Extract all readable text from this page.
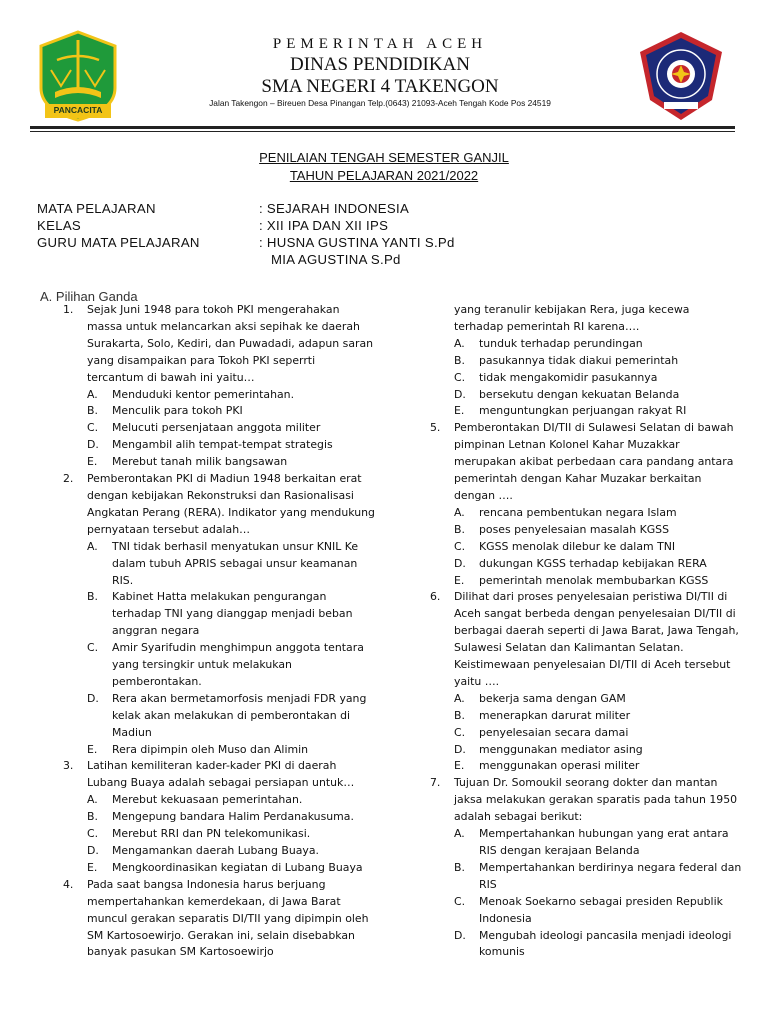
PANCACITA
PEMERINTAH ACEH
DINAS PENDIDIKAN
SMA NEGERI 4 TAKENGON
Jalan Takengon – Bireuen Desa Pinangan Telp.(0643) 21093-Aceh Tengah Kode Pos 24519
PENILAIAN TENGAH SEMESTER GANJIL
TAHUN PELAJARAN 2021/2022
MATA PELAJARAN	: SEJARAH INDONESIA
KELAS	: XII IPA DAN XII IPS
GURU MATA PELAJARAN	: HUSNA GUSTINA YANTI S.Pd
MIA AGUSTINA S.Pd
A. Pilihan Ganda
1. Sejak Juni 1948 para tokoh PKI mengerahakan massa untuk melancarkan aksi sepihak ke daerah Surakarta, Solo, Kediri, dan Puwadadi, adapun saran yang disampaikan para Tokoh PKI seperrti tercantum di bawah ini yaitu…
A. Menduduki kentor pemerintahan.
B. Menculik para tokoh PKI
C. Melucuti persenjataan anggota militer
D. Mengambil alih tempat-tempat strategis
E. Merebut tanah milik bangsawan
2. Pemberontakan PKI di Madiun 1948 berkaitan erat dengan kebijakan Rekonstruksi dan Rasionalisasi Angkatan Perang (RERA). Indikator yang mendukung pernyataan tersebut adalah…
A. TNI tidak berhasil menyatukan unsur KNIL Ke dalam tubuh APRIS sebagai unsur keamanan RIS.
B. Kabinet Hatta melakukan pengurangan terhadap TNI yang dianggap menjadi beban anggran negara
C. Amir Syarifudin menghimpun anggota tentara yang tersingkir untuk melakukan pemberontakan.
D. Rera akan bermetamorfosis menjadi FDR yang kelak akan melakukan di pemberontakan di Madiun
E. Rera dipimpin oleh Muso dan Alimin
3. Latihan kemiliteran kader-kader PKI di daerah Lubang Buaya adalah sebagai persiapan untuk…
A. Merebut kekuasaan pemerintahan.
B. Mengepung bandara Halim Perdanakusuma.
C. Merebut RRI dan PN telekomunikasi.
D. Mengamankan daerah Lubang Buaya.
E. Mengkoordinasikan kegiatan di Lubang Buaya
4. Pada saat bangsa Indonesia harus berjuang mempertahankan kemerdekaan, di Jawa Barat muncul gerakan separatis DI/TII yang dipimpin oleh SM Kartosoewirjo. Gerakan ini, selain disebabkan banyak pasukan SM Kartosoewirjo
yang teranulir kebijakan Rera, juga kecewa terhadap pemerintah RI karena….
A. tunduk terhadap perundingan
B. pasukannya tidak diakui pemerintah
C. tidak mengakomidir pasukannya
D. bersekutu dengan kekuatan Belanda
E. menguntungkan perjuangan rakyat RI
5. Pemberontakan DI/TII di Sulawesi Selatan di bawah pimpinan Letnan Kolonel Kahar Muzakkar merupakan akibat perbedaan cara pandang antara pemerintah dengan Kahar Muzakar berkaitan dengan ….
A. rencana pembentukan negara Islam
B. poses penyelesaian masalah KGSS
C. KGSS menolak dilebur ke dalam TNI
D. dukungan KGSS terhadap kebijakan RERA
E. pemerintah menolak membubarkan KGSS
6. Dilihat dari proses penyelesaian peristiwa DI/TII di Aceh sangat berbeda dengan penyelesaian DI/TII di berbagai daerah seperti di Jawa Barat, Jawa Tengah, Sulawesi Selatan dan Kalimantan Selatan. Keistimewaan penyelesaian DI/TII di Aceh tersebut yaitu ….
A. bekerja sama dengan GAM
B. menerapkan darurat militer
C. penyelesaian secara damai
D. menggunakan mediator asing
E. menggunakan operasi militer
7. Tujuan Dr. Somoukil seorang dokter dan mantan jaksa melakukan gerakan sparatis pada tahun 1950 adalah sebagai berikut:
A. Mempertahankan hubungan yang erat antara RIS dengan kerajaan Belanda
B. Mempertahankan berdirinya negara federal dan RIS
C. Menoak Soekarno sebagai presiden Republik Indonesia
D. Mengubah ideologi pancasila menjadi ideologi komunis
